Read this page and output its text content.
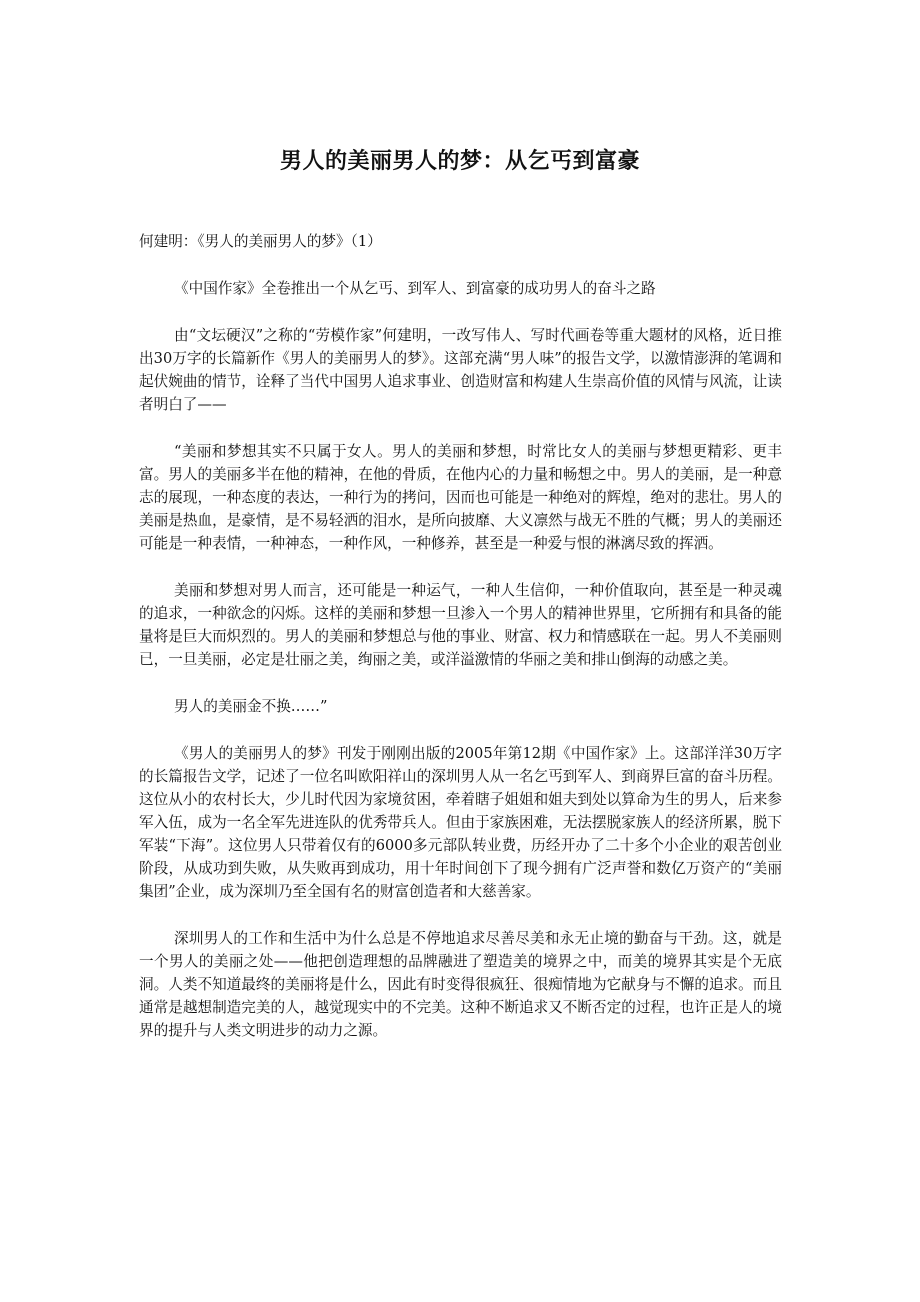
男人的美丽男人的梦：从乞丐到富豪

何建明：《男人的美丽男人的梦》（1）

《中国作家》全卷推出一个从乞丐、到军人、到富豪的成功男人的奋斗之路

由“文坛硬汉”之称的“劳模作家”何建明，一改写伟人、写时代画卷等重大题材的风格，近日推出30万字的长篇新作《男人的美丽男人的梦》。这部充满“男人味”的报告文学，以激情澎湃的笔调和起伏婉曲的情节，诠释了当代中国男人追求事业、创造财富和构建人生崇高价值的风情与风流，让读者明白了——

“美丽和梦想其实不只属于女人。男人的美丽和梦想，时常比女人的美丽与梦想更精彩、更丰富。男人的美丽多半在他的精神，在他的骨质，在他内心的力量和畅想之中。男人的美丽，是一种意志的展现，一种态度的表达，一种行为的拷问，因而也可能是一种绝对的辉煌，绝对的悲壮。男人的美丽是热血，是豪情，是不易轻洒的泪水，是所向披靡、大义凛然与战无不胜的气概；男人的美丽还可能是一种表情，一种神态，一种作风，一种修养，甚至是一种爱与恨的淋漓尽致的挥洒。

美丽和梦想对男人而言，还可能是一种运气，一种人生信仰，一种价值取向，甚至是一种灵魂的追求，一种欲念的闪烁。这样的美丽和梦想一旦渗入一个男人的精神世界里，它所拥有和具备的能量将是巨大而炽烈的。男人的美丽和梦想总与他的事业、财富、权力和情感联在一起。男人不美丽则已，一旦美丽，必定是壮丽之美，绚丽之美，或洋溢激情的华丽之美和排山倒海的动感之美。

男人的美丽金不换……”

《男人的美丽男人的梦》刊发于刚刚出版的2005年第12期《中国作家》上。这部洋洋30万字的长篇报告文学，记述了一位名叫欧阳祥山的深圳男人从一名乞丐到军人、到商界巨富的奋斗历程。这位从小的农村长大，少儿时代因为家境贫困，牵着瞎子姐姐和姐夫到处以算命为生的男人，后来参军入伍，成为一名全军先进连队的优秀带兵人。但由于家族困难，无法摆脱家族人的经济所累，脱下军装“下海”。这位男人只带着仅有的6000多元部队转业费，历经开办了二十多个小企业的艰苦创业阶段，从成功到失败，从失败再到成功，用十年时间创下了现今拥有广泛声誉和数亿万资产的“美丽集团”企业，成为深圳乃至全国有名的财富创造者和大慈善家。

深圳男人的工作和生活中为什么总是不停地追求尽善尽美和永无止境的勤奋与干劲。这，就是一个男人的美丽之处——他把创造理想的品牌融进了塑造美的境界之中，而美的境界其实是个无底洞。人类不知道最终的美丽将是什么，因此有时变得很疯狂、很痴情地为它献身与不懈的追求。而且通常是越想制造完美的人，越觉现实中的不完美。这种不断追求又不断否定的过程，也许正是人的境界的提升与人类文明进步的动力之源。
